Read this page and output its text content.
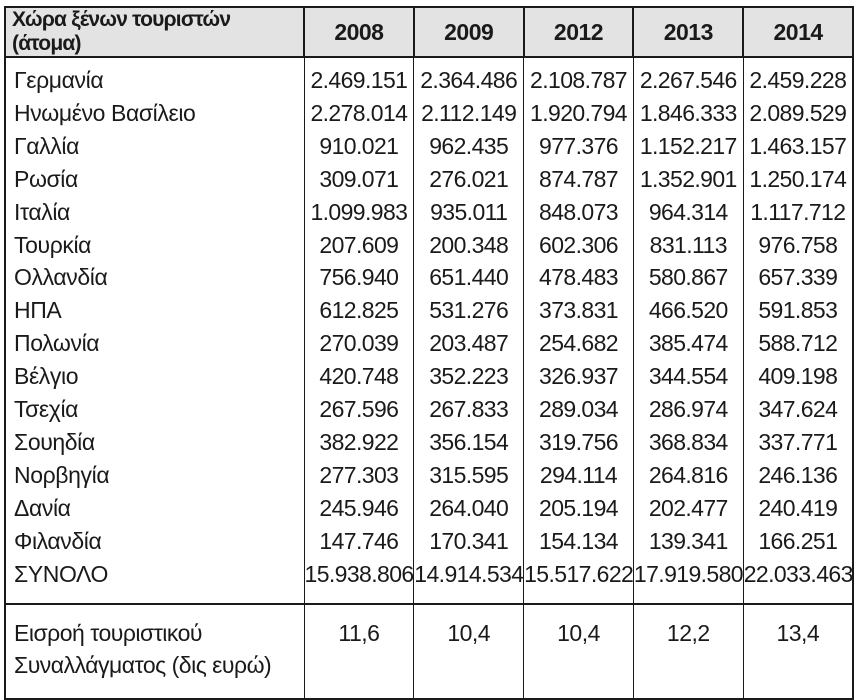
Χώρα ξένων τουριστών (άτομα)	2008	2009	2012	2013	2014
Γερμανία	2.469.151	2.364.486	2.108.787	2.267.546	2.459.228
Ηνωμένο Βασίλειο	2.278.014	2.112.149	1.920.794	1.846.333	2.089.529
Γαλλία	910.021	962.435	977.376	1.152.217	1.463.157
Ρωσία	309.071	276.021	874.787	1.352.901	1.250.174
Ιταλία	1.099.983	935.011	848.073	964.314	1.117.712
Τουρκία	207.609	200.348	602.306	831.113	976.758
Ολλανδία	756.940	651.440	478.483	580.867	657.339
ΗΠΑ	612.825	531.276	373.831	466.520	591.853
Πολωνία	270.039	203.487	254.682	385.474	588.712
Βέλγιο	420.748	352.223	326.937	344.554	409.198
Τσεχία	267.596	267.833	289.034	286.974	347.624
Σουηδία	382.922	356.154	319.756	368.834	337.771
Νορβηγία	277.303	315.595	294.114	264.816	246.136
Δανία	245.946	264.040	205.194	202.477	240.419
Φιλανδία	147.746	170.341	154.134	139.341	166.251
ΣΥΝΟΛΟ	15.938.806	14.914.534	15.517.622	17.919.580	22.033.463

Εισροή τουριστικού
Συναλλάγματος (δις ευρώ)	11,6	10,4	10,4	12,2	13,4
